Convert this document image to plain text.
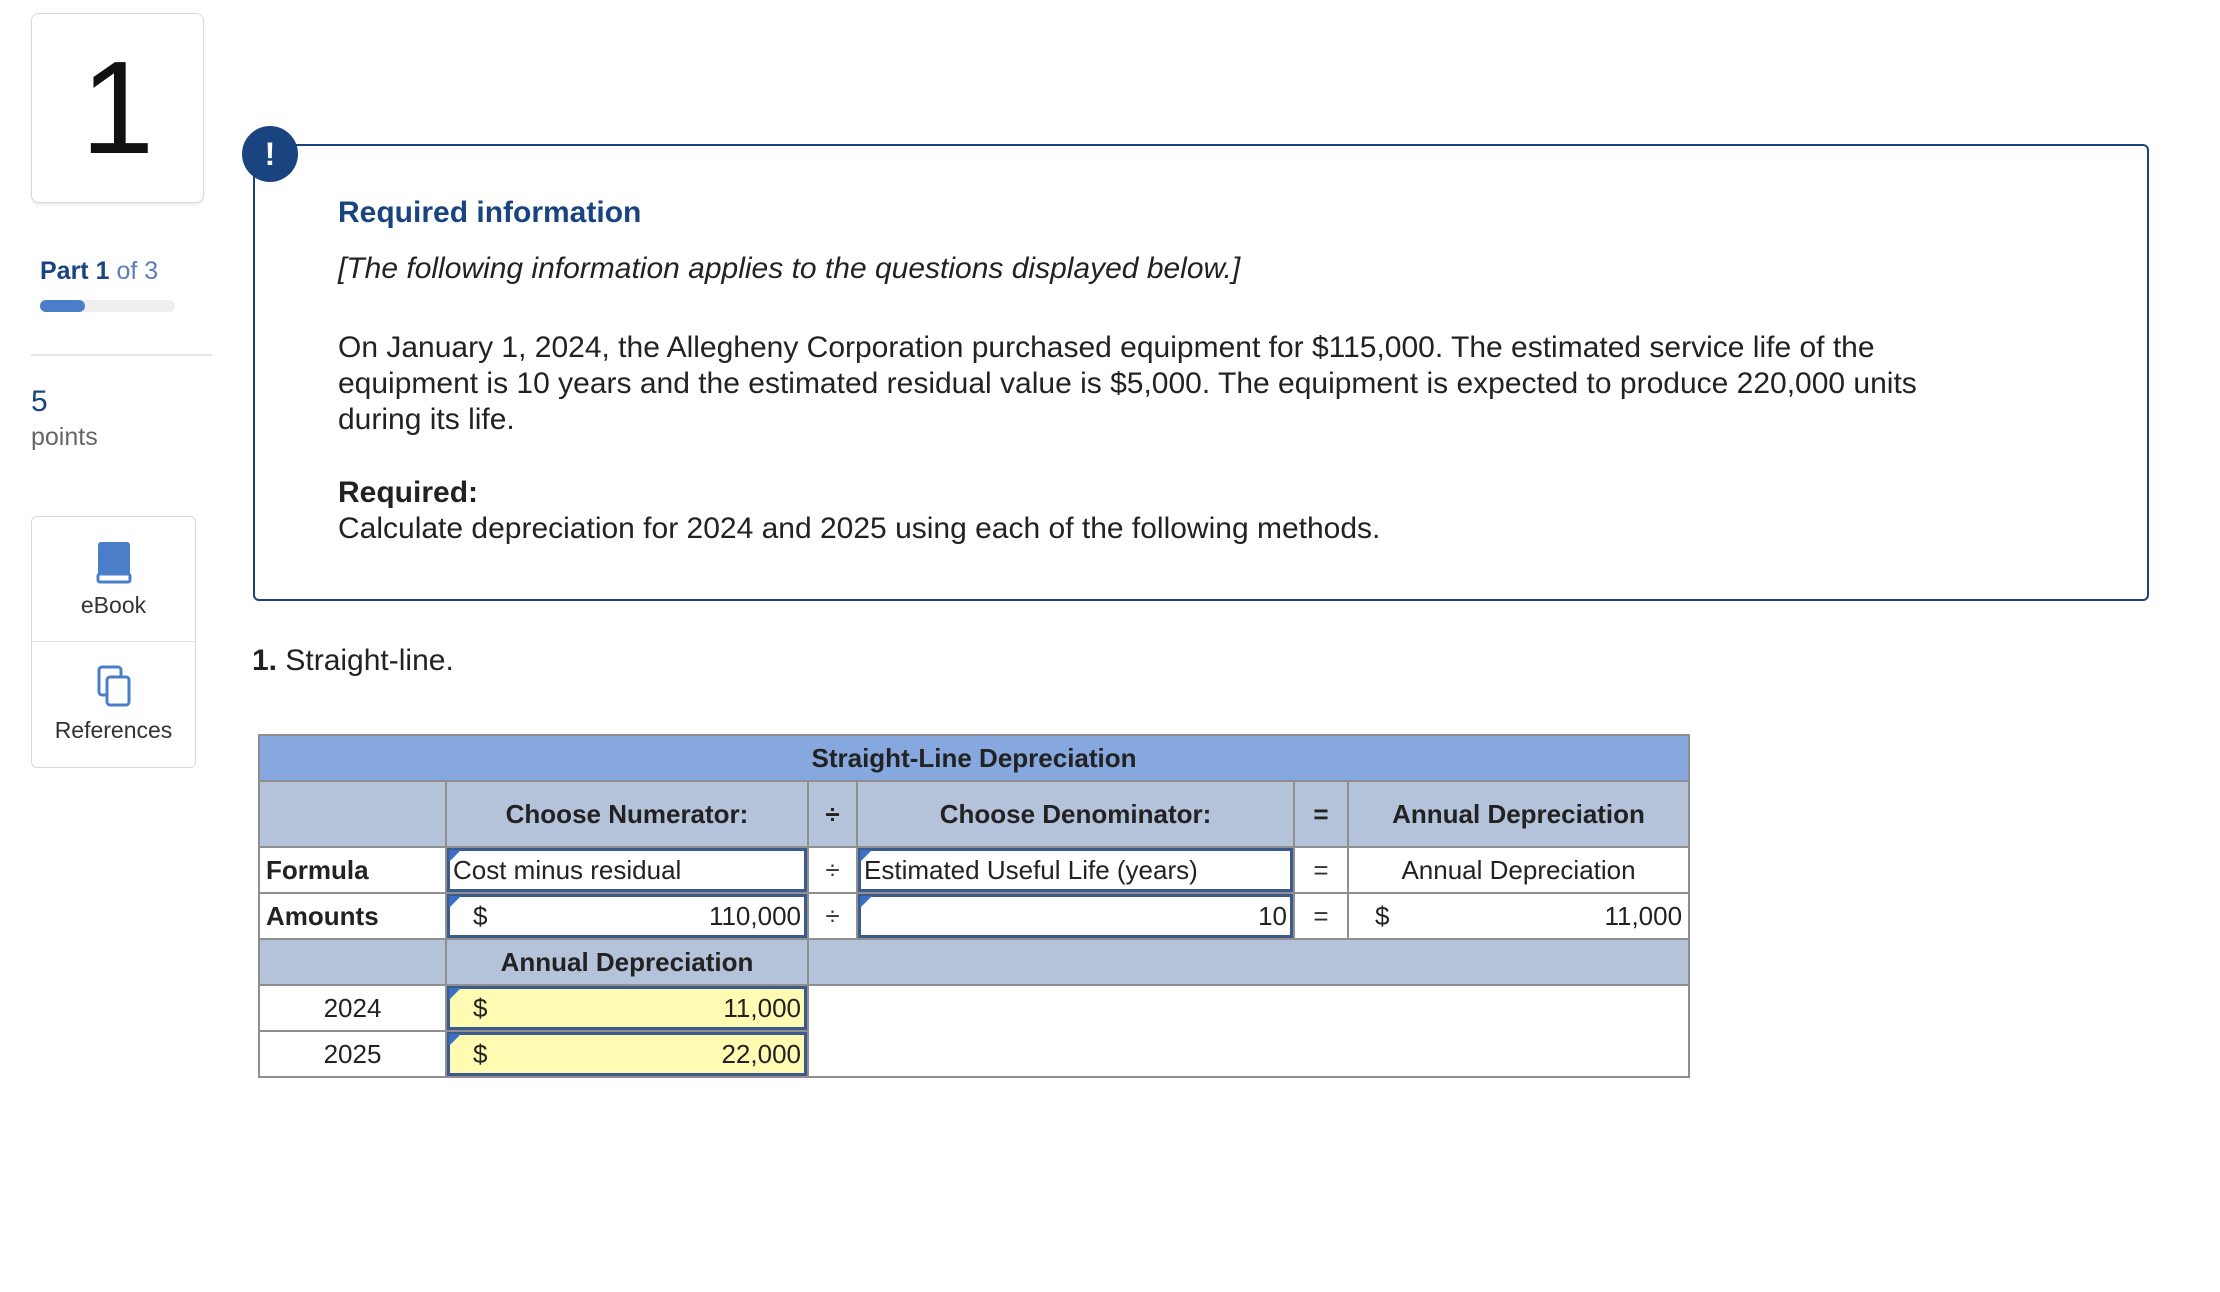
1
Part 1 of 3
5
points
eBook
References
!
Required information
[The following information applies to the questions displayed below.]
On January 1, 2024, the Allegheny Corporation purchased equipment for $115,000. The estimated service life of the
equipment is 10 years and the estimated residual value is $5,000. The equipment is expected to produce 220,000 units
during its life.
Required:
Calculate depreciation for 2024 and 2025 using each of the following methods.
1. Straight-line.
Straight-Line Depreciation					
	Choose Numerator:	÷	Choose Denominator:	=	Annual Depreciation
Formula	Cost minus residual	÷	Estimated Useful Life (years)	=	Annual Depreciation
Amounts	$ 110,000	÷	10	=	$ 11,000

	Annual Depreciation				
2024	$ 11,000				

2025	$ 22,000				
